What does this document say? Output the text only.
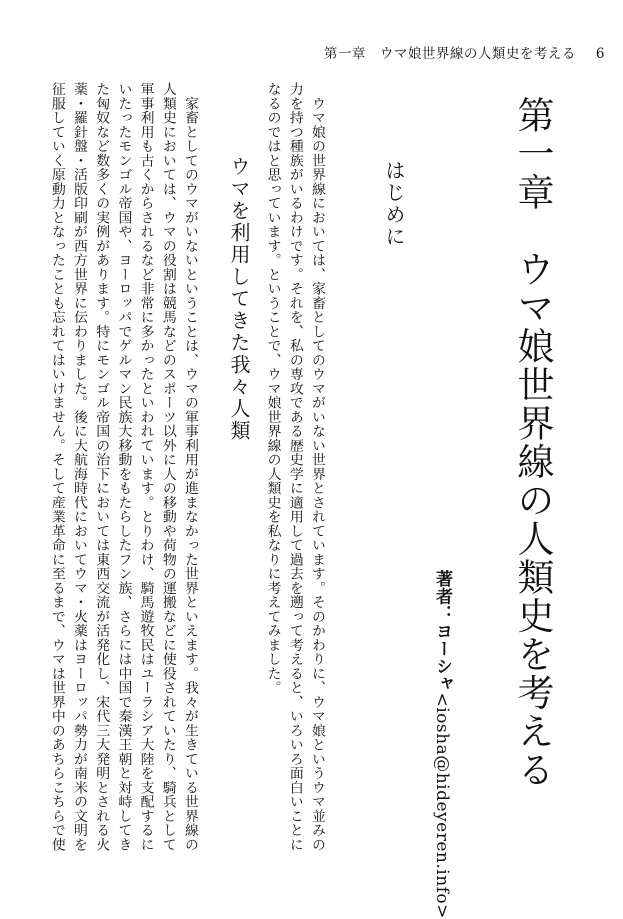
第一章　ウマ娘世界線の人類史を考える 6
第一章　ウマ娘世界線の人類史を考える
著者：ヨーシャ<iosha@hideyeren.info>
はじめに
　ウマ娘の世界線においては、家畜としてのウマがいない世界とされています。そのかわりに、ウマ娘というウマ並みの
力を持つ種族がいるわけです。それを、私の専攻である歴史学に適用して過去を遡って考えると、いろいろ面白いことに
なるのではと思っています。ということで、ウマ娘世界線の人類史を私なりに考えてみました。
ウマを利用してきた我々人類
　家畜としてのウマがいないということは、ウマの軍事利用が進まなかった世界といえます。我々が生きている世界線の
人類史においては、ウマの役割は競馬などのスポーツ以外に人の移動や荷物の運搬などに使役されていたり、騎兵として
軍事利用も古くからされるなど非常に多かったといわれています。とりわけ、騎馬遊牧民はユーラシア大陸を支配するに
いたったモンゴル帝国や、ヨーロッパでゲルマン民族大移動をもたらしたフン族、さらには中国で秦漢王朝と対峙してき
た匈奴など数多くの実例があります。特にモンゴル帝国の治下においては東西交流が活発化し、宋代三大発明とされる火
薬・羅針盤・活版印刷が西方世界に伝わりました。後に大航海時代においてウマ・火薬はヨーロッパ勢力が南米の文明を
征服していく原動力となったことも忘れてはいけません。そして産業革命に至るまで、ウマは世界中のあちらこちらで使
